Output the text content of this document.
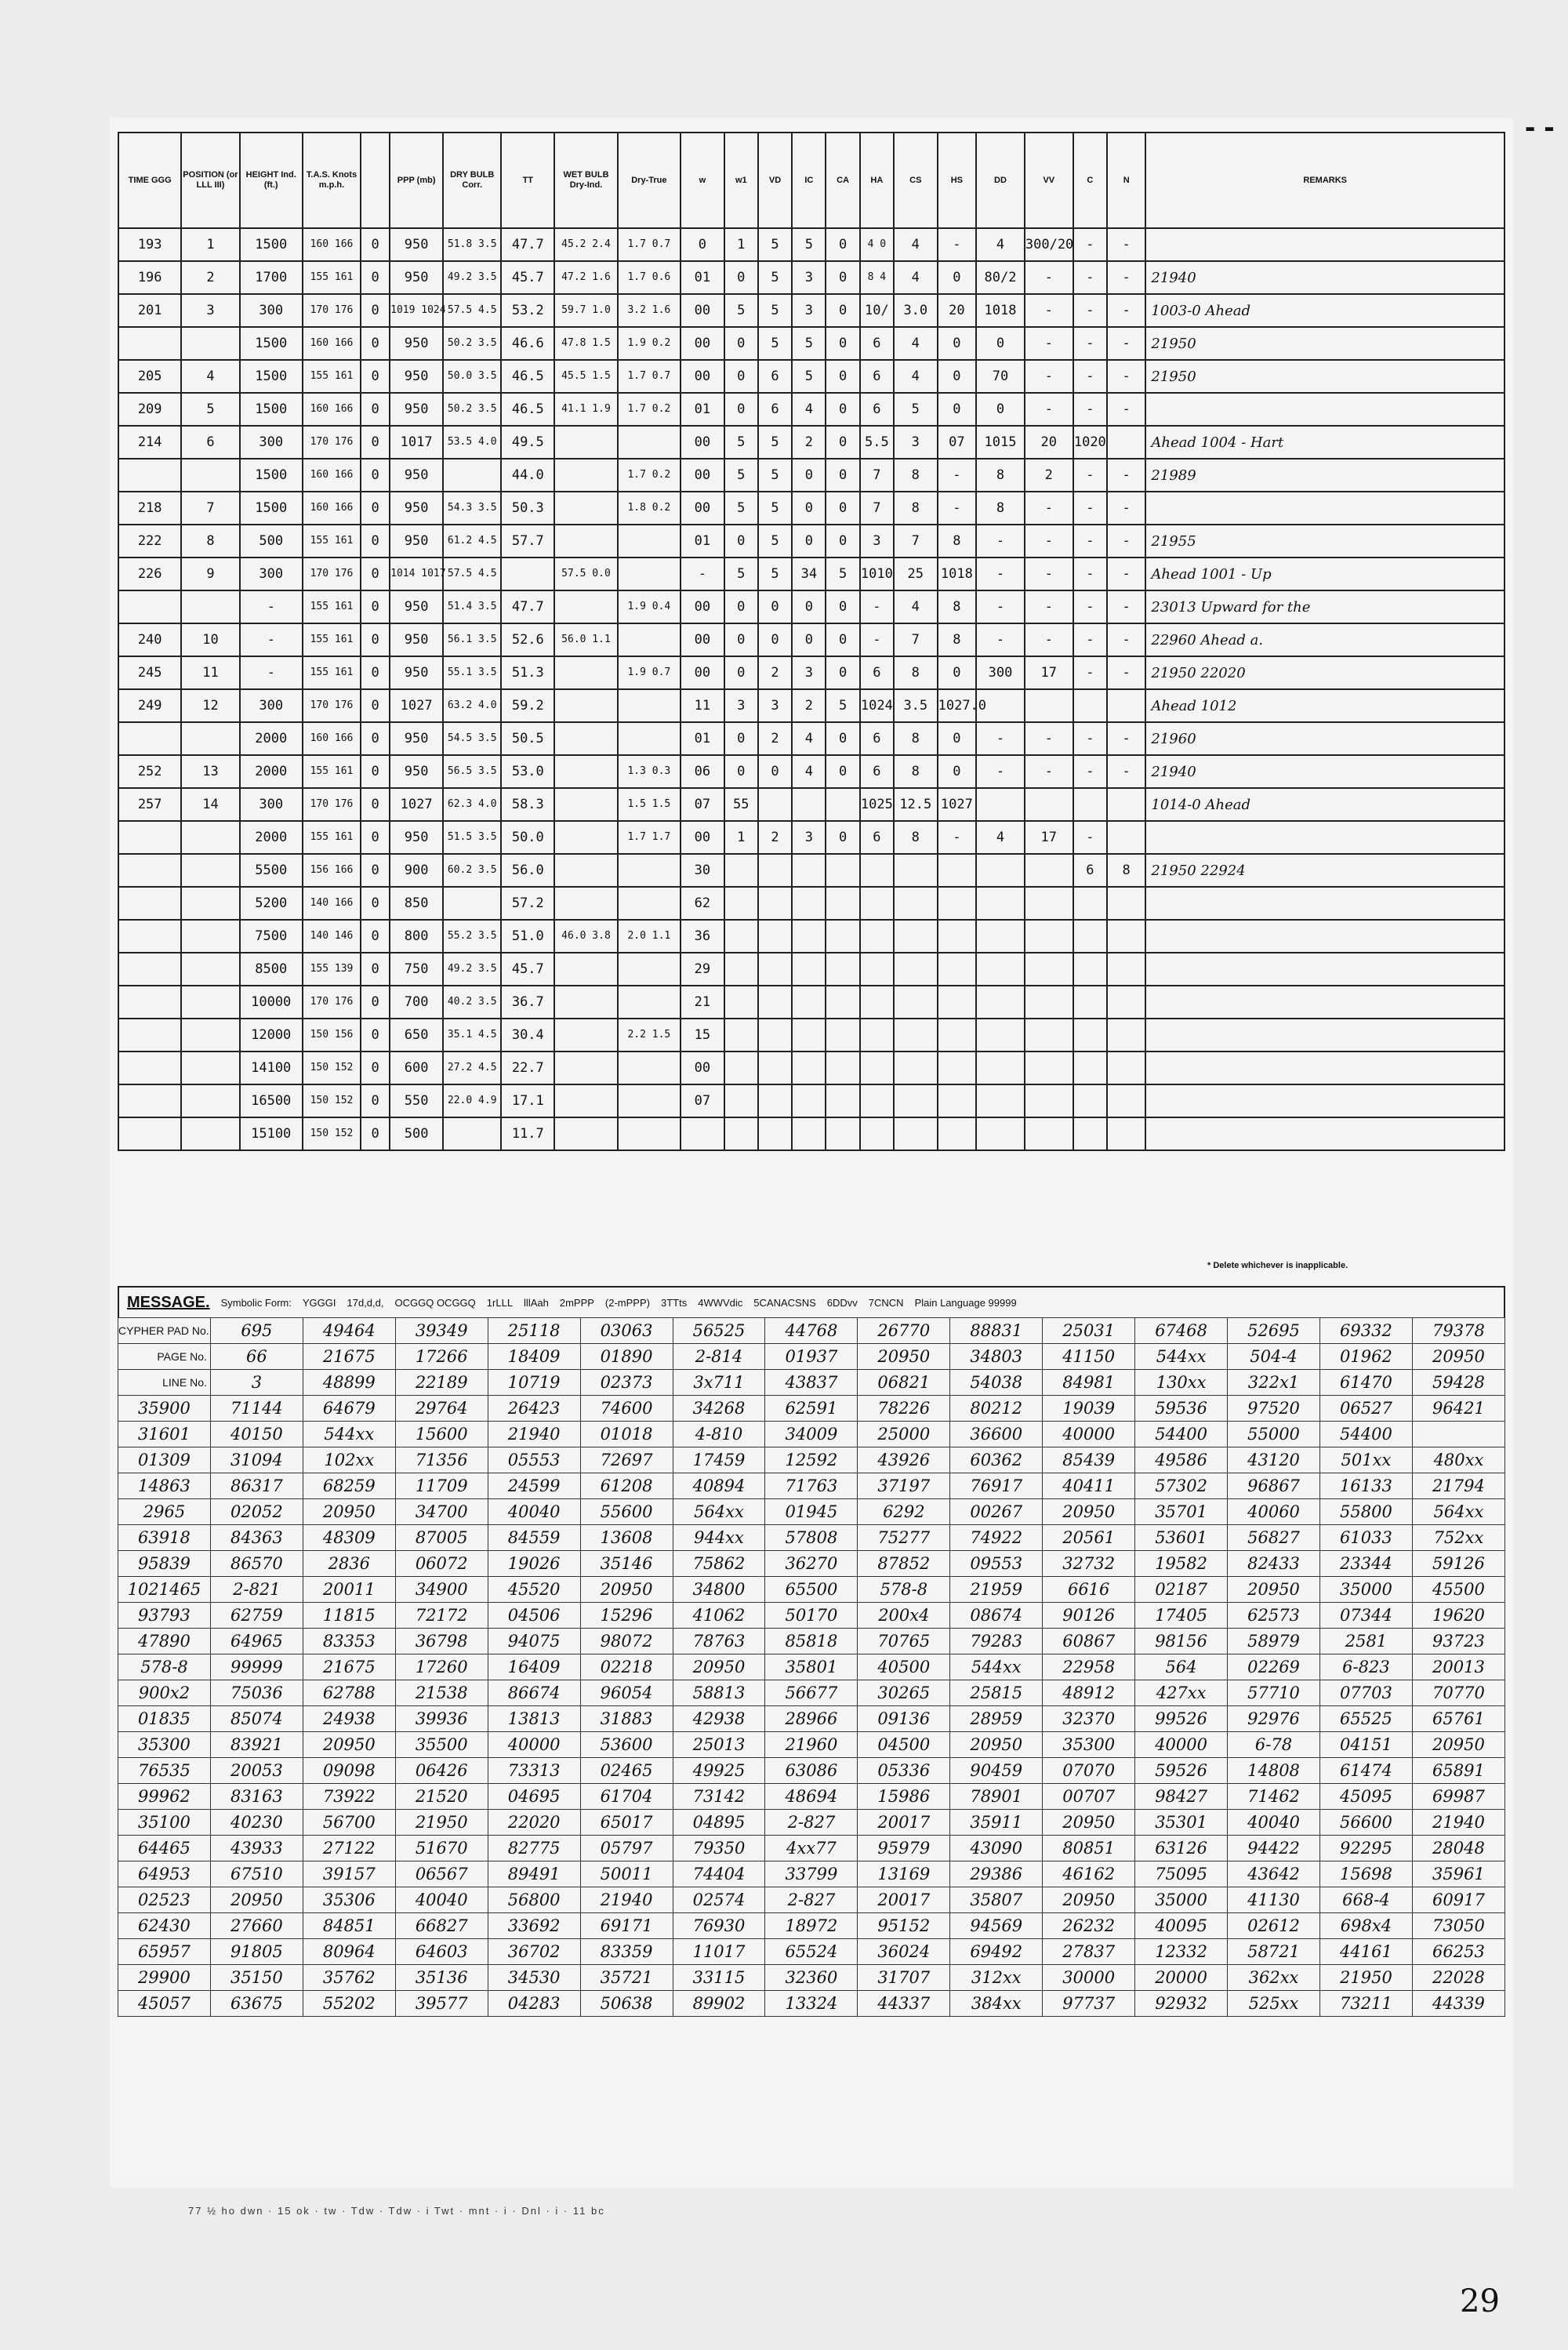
- -
TIME GGG	POSITION (or LLL III)	HEIGHT Ind. (ft.)	T.A.S. Knots m.p.h.		PPP (mb)	DRY BULB Corr.	TT	WET BULB Dry-Ind.	Dry-True	w	w1	VD	IC	CA	HA	CS	HS	DD	VV	C	N	REMARKS
193	1	1500	160 166	0	950	51.8 3.5	47.7	45.2 2.4	1.7 0.7	0	1	5	5	0	4 0	4	-	4	300/20	-	-	
196	2	1700	155 161	0	950	49.2 3.5	45.7	47.2 1.6	1.7 0.6	01	0	5	3	0	8 4	4	0	80/2	-	-	-	21940
201	3	300	170 176	0	1019 1024	57.5 4.5	53.2	59.7 1.0	3.2 1.6	00	5	5	3	0	10/	3.0	20	1018	-	-	-	1003-0 Ahead
		1500	160 166	0	950	50.2 3.5	46.6	47.8 1.5	1.9 0.2	00	0	5	5	0	6	4	0	0	-	-	-	21950
205	4	1500	155 161	0	950	50.0 3.5	46.5	45.5 1.5	1.7 0.7	00	0	6	5	0	6	4	0	70	-	-	-	21950
209	5	1500	160 166	0	950	50.2 3.5	46.5	41.1 1.9	1.7 0.2	01	0	6	4	0	6	5	0	0	-	-	-	
214	6	300	170 176	0	1017	53.5 4.0	49.5			00	5	5	2	0	5.5	3	07	1015	20	1020		Ahead 1004 - Hart
		1500	160 166	0	950		44.0		1.7 0.2	00	5	5	0	0	7	8	-	8	2	-	-	21989
218	7	1500	160 166	0	950	54.3 3.5	50.3		1.8 0.2	00	5	5	0	0	7	8	-	8	-	-	-	
222	8	500	155 161	0	950	61.2 4.5	57.7			01	0	5	0	0	3	7	8	-	-	-	-	21955
226	9	300	170 176	0	1014 1017	57.5 4.5		57.5 0.0		-	5	5	34	5	1010	25	1018	-	-	-	-	Ahead 1001 - Up
		-	155 161	0	950	51.4 3.5	47.7		1.9 0.4	00	0	0	0	0	-	4	8	-	-	-	-	23013 Upward for the
240	10	-	155 161	0	950	56.1 3.5	52.6	56.0 1.1		00	0	0	0	0	-	7	8	-	-	-	-	22960 Ahead a.
245	11	-	155 161	0	950	55.1 3.5	51.3		1.9 0.7	00	0	2	3	0	6	8	0	300	17	-	-	21950 22020
249	12	300	170 176	0	1027	63.2 4.0	59.2			11	3	3	2	5	1024	3.5	1027.0					Ahead 1012
		2000	160 166	0	950	54.5 3.5	50.5			01	0	2	4	0	6	8	0	-	-	-	-	21960
252	13	2000	155 161	0	950	56.5 3.5	53.0		1.3 0.3	06	0	0	4	0	6	8	0	-	-	-	-	21940
257	14	300	170 176	0	1027	62.3 4.0	58.3		1.5 1.5	07	55				1025	12.5	1027					1014-0 Ahead
		2000	155 161	0	950	51.5 3.5	50.0		1.7 1.7	00	1	2	3	0	6	8	-	4	17	-		
		5500	156 166	0	900	60.2 3.5	56.0			30										6	8	21950 22924
		5200	140 166	0	850		57.2			62												
		7500	140 146	0	800	55.2 3.5	51.0	46.0 3.8	2.0 1.1	36												
		8500	155 139	0	750	49.2 3.5	45.7			29												
		10000	170 176	0	700	40.2 3.5	36.7			21												
		12000	150 156	0	650	35.1 4.5	30.4		2.2 1.5	15												
		14100	150 152	0	600	27.2 4.5	22.7			00												
		16500	150 152	0	550	22.0 4.9	17.1			07												
		15100	150 152	0	500		11.7															
* Delete whichever is inapplicable.
MESSAGE. Symbolic Form: YGGGI 17d,d,d, OCGGQ OCGGQ 1rLLL lllAah 2mPPP (2-mPPP) 3TTts 4WWVdic 5CANACSNS 6DDvv 7CNCN Plain Language 99999
CYPHER PAD No.	695	49464	39349	25118	03063	56525	44768	26770	88831	25031	67468	52695	69332	79378
PAGE No.	66	21675	17266	18409	01890	2-814	01937	20950	34803	41150	544xx	504-4	01962	20950
LINE No.	3	48899	22189	10719	02373	3x711	43837	06821	54038	84981	130xx	322x1	61470	59428
35900	71144	64679	29764	26423	74600	34268	62591	78226	80212	19039	59536	97520	06527	96421
31601	40150	544xx	15600	21940	01018	4-810	34009	25000	36600	40000	54400	55000	54400	
01309	31094	102xx	71356	05553	72697	17459	12592	43926	60362	85439	49586	43120	501xx	480xx
14863	86317	68259	11709	24599	61208	40894	71763	37197	76917	40411	57302	96867	16133	21794
2965	02052	20950	34700	40040	55600	564xx	01945	6292	00267	20950	35701	40060	55800	564xx
63918	84363	48309	87005	84559	13608	944xx	57808	75277	74922	20561	53601	56827	61033	752xx
95839	86570	2836	06072	19026	35146	75862	36270	87852	09553	32732	19582	82433	23344	59126
1021465	2-821	20011	34900	45520	20950	34800	65500	578-8	21959	6616	02187	20950	35000	45500
93793	62759	11815	72172	04506	15296	41062	50170	200x4	08674	90126	17405	62573	07344	19620
47890	64965	83353	36798	94075	98072	78763	85818	70765	79283	60867	98156	58979	2581	93723
578-8	99999	21675	17260	16409	02218	20950	35801	40500	544xx	22958	564	02269	6-823	20013
900x2	75036	62788	21538	86674	96054	58813	56677	30265	25815	48912	427xx	57710	07703	70770
01835	85074	24938	39936	13813	31883	42938	28966	09136	28959	32370	99526	92976	65525	65761
35300	83921	20950	35500	40000	53600	25013	21960	04500	20950	35300	40000	6-78	04151	20950
76535	20053	09098	06426	73313	02465	49925	63086	05336	90459	07070	59526	14808	61474	65891
99962	83163	73922	21520	04695	61704	73142	48694	15986	78901	00707	98427	71462	45095	69987
35100	40230	56700	21950	22020	65017	04895	2-827	20017	35911	20950	35301	40040	56600	21940
64465	43933	27122	51670	82775	05797	79350	4xx77	95979	43090	80851	63126	94422	92295	28048
64953	67510	39157	06567	89491	50011	74404	33799	13169	29386	46162	75095	43642	15698	35961
02523	20950	35306	40040	56800	21940	02574	2-827	20017	35807	20950	35000	41130	668-4	60917
62430	27660	84851	66827	33692	69171	76930	18972	95152	94569	26232	40095	02612	698x4	73050
65957	91805	80964	64603	36702	83359	11017	65524	36024	69492	27837	12332	58721	44161	66253
29900	35150	35762	35136	34530	35721	33115	32360	31707	312xx	30000	20000	362xx	21950	22028
45057	63675	55202	39577	04283	50638	89902	13324	44337	384xx	97737	92932	525xx	73211	44339
77 ½ ho dwn · 15 ok · tw · Tdw · Tdw · i Twt · mnt · i · Dnl · i · 11 bc
29
